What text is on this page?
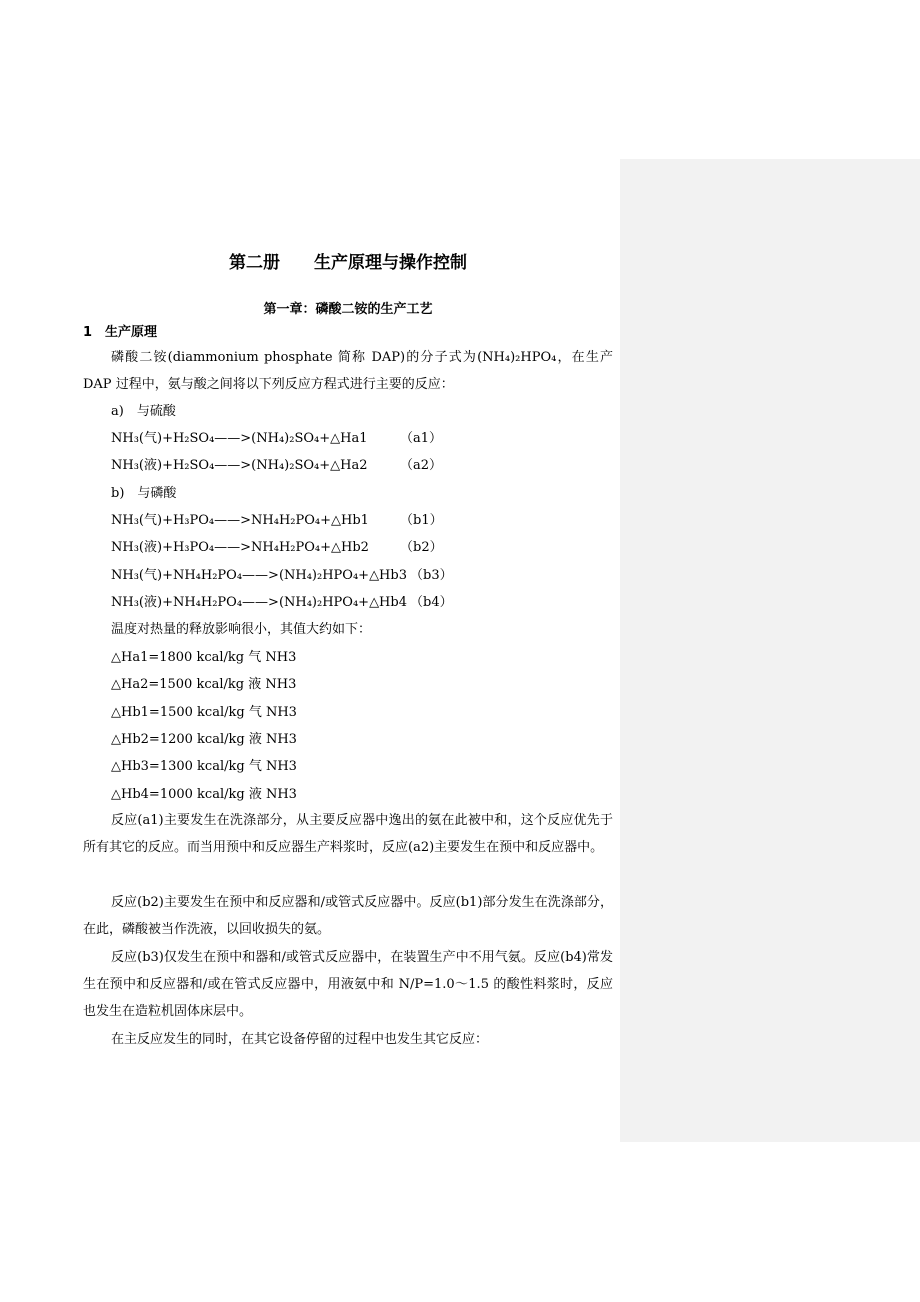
第二册　　生产原理与操作控制
第一章：磷酸二铵的生产工艺
1　生产原理
磷酸二铵(diammonium phosphate 简称 DAP)的分子式为(NH₄)₂HPO₄，在生产 DAP 过程中，氨与酸之间将以下列反应方程式进行主要的反应：
a)　与硫酸
NH₃(气)+H₂SO₄——>(NH₄)₂SO₄+△Ha1	（a1）
NH₃(液)+H₂SO₄——>(NH₄)₂SO₄+△Ha2	（a2）
b)　与磷酸
NH₃(气)+H₃PO₄——>NH₄H₂PO₄+△Hb1 （b1）
NH₃(液)+H₃PO₄——>NH₄H₂PO₄+△Hb2 （b2）
NH₃(气)+NH₄H₂PO₄——>(NH₄)₂HPO₄+△Hb3 （b3）
NH₃(液)+NH₄H₂PO₄——>(NH₄)₂HPO₄+△Hb4 （b4）
温度对热量的释放影响很小，其值大约如下：
△Ha1=1800 kcal/kg 气 NH3
△Ha2=1500 kcal/kg 液 NH3
△Hb1=1500 kcal/kg 气 NH3
△Hb2=1200 kcal/kg 液 NH3
△Hb3=1300 kcal/kg 气 NH3
△Hb4=1000 kcal/kg 液 NH3
反应(a1)主要发生在洗涤部分，从主要反应器中逸出的氨在此被中和，这个反应优先于所有其它的反应。而当用预中和反应器生产料浆时，反应(a2)主要发生在预中和反应器中。
反应(b2)主要发生在预中和反应器和/或管式反应器中。反应(b1)部分发生在洗涤部分，在此，磷酸被当作洗液，以回收损失的氨。
反应(b3)仅发生在预中和器和/或管式反应器中，在装置生产中不用气氨。反应(b4)常发生在预中和反应器和/或在管式反应器中，用液氨中和 N/P=1.0～1.5 的酸性料浆时，反应也发生在造粒机固体床层中。
在主反应发生的同时，在其它设备停留的过程中也发生其它反应：
